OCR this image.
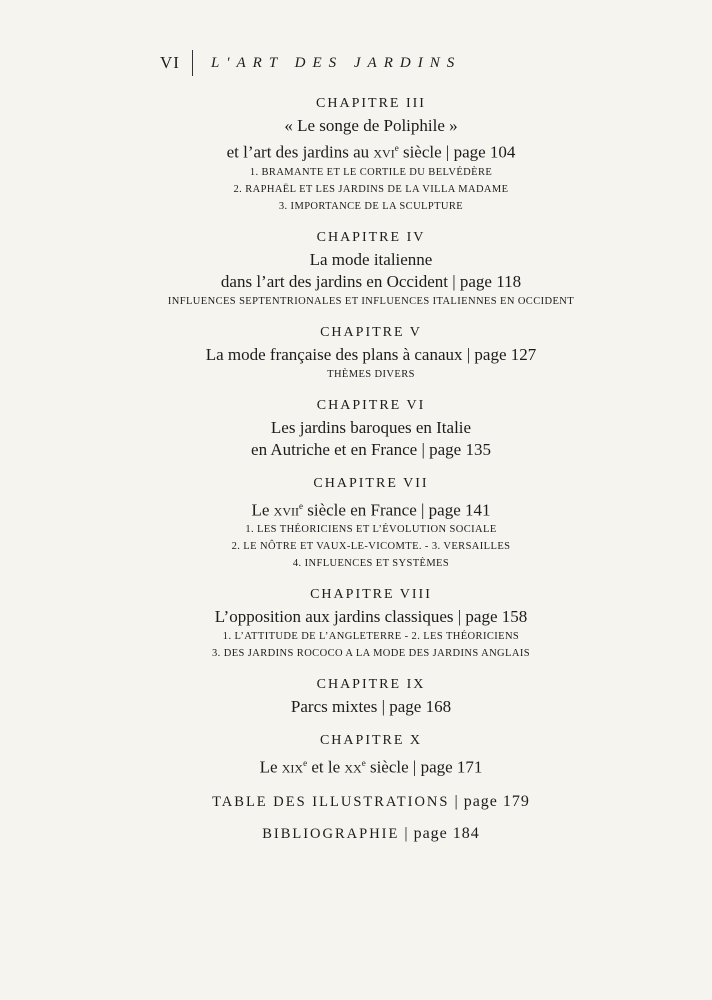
VI L'ART DES JARDINS
CHAPITRE III
« Le songe de Poliphile »
et l’art des jardins au xvi$^e$ siècle | page 104
1. BRAMANTE ET LE CORTILE DU BELVÉDÈRE
2. RAPHAËL ET LES JARDINS DE LA VILLA MADAME
3. IMPORTANCE DE LA SCULPTURE
CHAPITRE IV
La mode italienne
dans l’art des jardins en Occident | page 118
INFLUENCES SEPTENTRIONALES ET INFLUENCES ITALIENNES EN OCCIDENT
CHAPITRE V
La mode française des plans à canaux | page 127
THÈMES DIVERS
CHAPITRE VI
Les jardins baroques en Italie
en Autriche et en France | page 135
CHAPITRE VII
Le xvii$^e$ siècle en France | page 141
1. LES THÉORICIENS ET L’ÉVOLUTION SOCIALE
2. LE NÔTRE ET VAUX-LE-VICOMTE. - 3. VERSAILLES
4. INFLUENCES ET SYSTÈMES
CHAPITRE VIII
L’opposition aux jardins classiques | page 158
1. L’ATTITUDE DE L’ANGLETERRE - 2. LES THÉORICIENS
3. DES JARDINS ROCOCO A LA MODE DES JARDINS ANGLAIS
CHAPITRE IX
Parcs mixtes | page 168
CHAPITRE X
Le xix$^e$ et le $xx^e$ siècle | page 171
TABLE DES ILLUSTRATIONS | page 179
BIBLIOGRAPHIE | page 184
